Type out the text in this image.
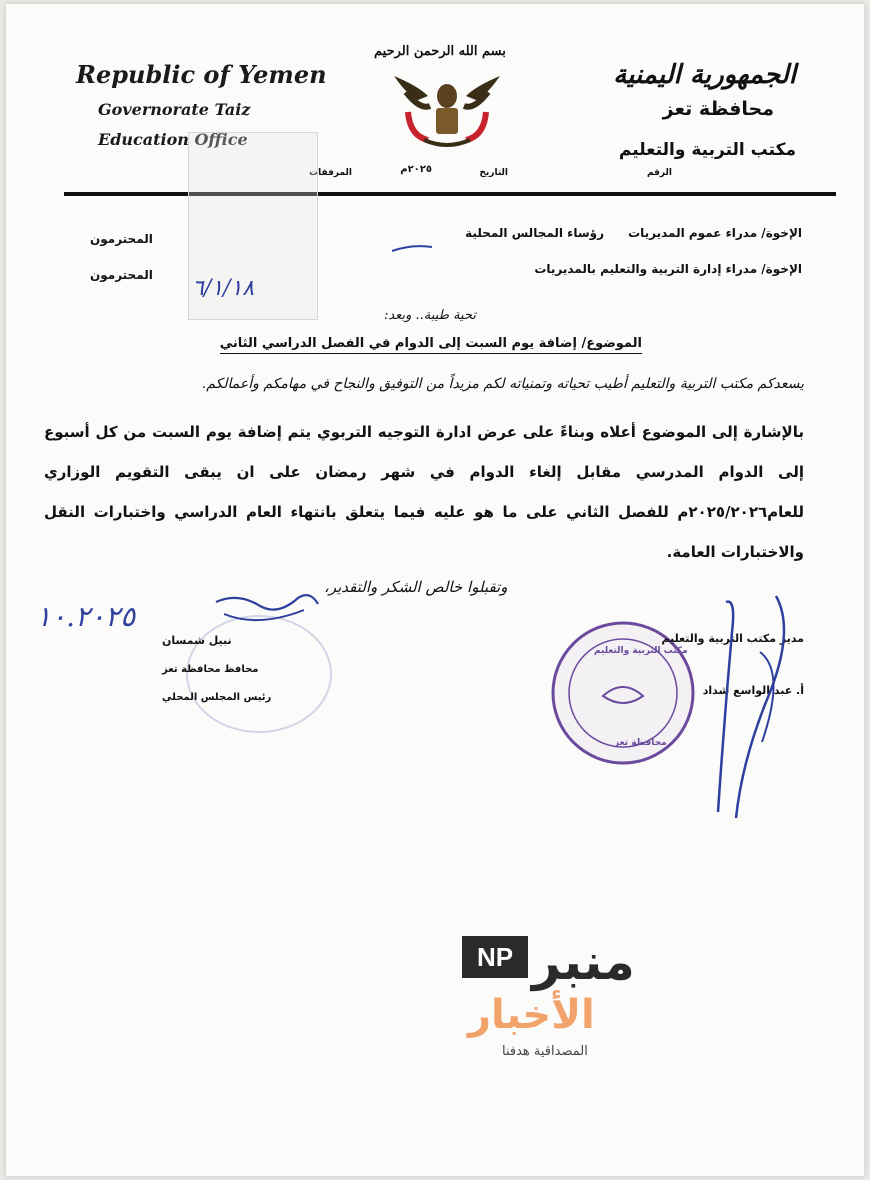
Republic of Yemen
Governorate Taiz
Education Office
بسم الله الرحمن الرحيم
الجمهورية اليمنية
محافظة تعز
مكتب التربية والتعليم
الرقم
التاريخ
٢٠٢٥م
المرفقات
الإخوة/ مدراء عموم المديريات
رؤساء المجالس المحلية
الإخوة/ مدراء إدارة التربية والتعليم بالمديريات
المحترمون
المحترمون
٦/١/١٨
تحية طيبة.. وبعد:
الموضوع/ إضافة يوم السبت إلى الدوام في الفصل الدراسي الثاني
يسعدكم مكتب التربية والتعليم أطيب تحياته وتمنياته لكم مزيداً من التوفيق والنجاح في مهامكم وأعمالكم.
بالإشارة إلى الموضوع أعلاه وبناءً على عرض ادارة التوجيه التربوي يتم إضافة يوم السبت من كل أسبوع إلى الدوام المدرسي مقابل إلغاء الدوام في شهر رمضان على ان يبقى التقويم الوزاري للعام٢٠٢٥/٢٠٢٦م للفصل الثاني على ما هو عليه فيما يتعلق بانتهاء العام الدراسي واختبارات النقل والاختبارات العامة.
وتقبلوا خالص الشكر والتقدير،
١٠.٢٠٢٥
نبيل شمسان
محافظ محافظة تعز
رئيس المجلس المحلي
مكتب التربية والتعليم
محافظة تعز
مدير مكتب التربية والتعليم
أ. عبد الواسع شداد
NP منبر
الأخبار
المصداقية هدفنا
